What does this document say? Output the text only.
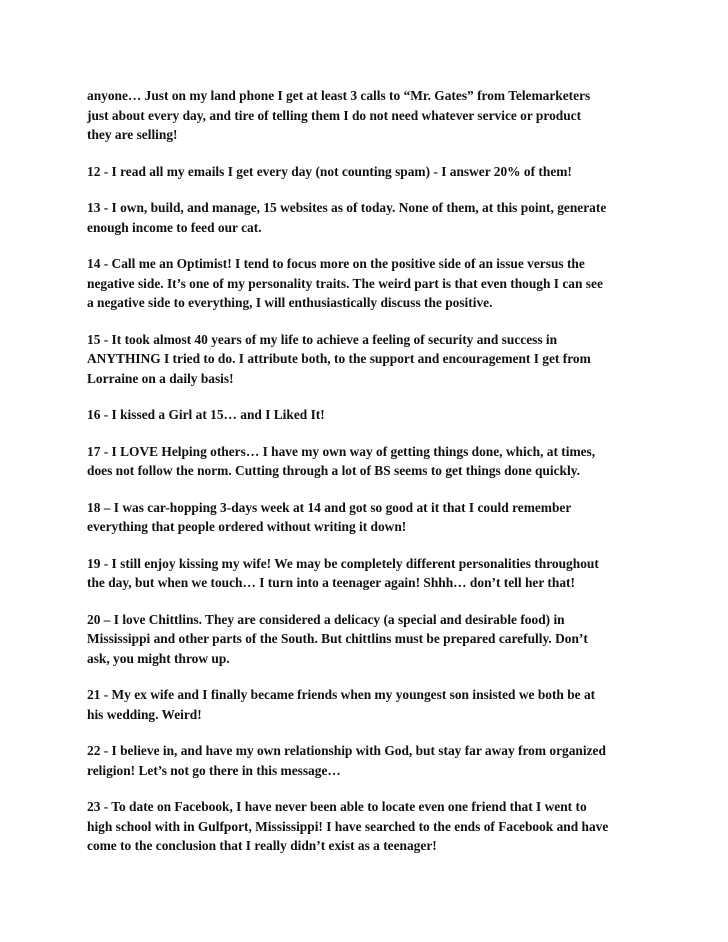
anyone… Just on my land phone I get at least 3 calls to “Mr. Gates” from Telemarketers
just about every day, and tire of telling them I do not need whatever service or product
they are selling!

12 - I read all my emails I get every day (not counting spam) - I answer 20% of them!

13 - I own, build, and manage, 15 websites as of today. None of them, at this point, generate
enough income to feed our cat.

14 - Call me an Optimist! I tend to focus more on the positive side of an issue versus the
negative side. It’s one of my personality traits. The weird part is that even though I can see
a negative side to everything, I will enthusiastically discuss the positive.

15 - It took almost 40 years of my life to achieve a feeling of security and success in
ANYTHING I tried to do. I attribute both, to the support and encouragement I get from
Lorraine on a daily basis!

16 - I kissed a Girl at 15… and I Liked It!

17 - I LOVE Helping others… I have my own way of getting things done, which, at times,
does not follow the norm. Cutting through a lot of BS seems to get things done quickly.

18 – I was car-hopping 3-days week at 14 and got so good at it that I could remember
everything that people ordered without writing it down!

19 - I still enjoy kissing my wife! We may be completely different personalities throughout
the day, but when we touch… I turn into a teenager again! Shhh… don’t tell her that!

20 – I love Chittlins. They are considered a delicacy (a special and desirable food) in
Mississippi and other parts of the South. But chittlins must be prepared carefully. Don’t
ask, you might throw up.

21 - My ex wife and I finally became friends when my youngest son insisted we both be at
his wedding. Weird!

22 - I believe in, and have my own relationship with God, but stay far away from organized
religion! Let’s not go there in this message…

23 - To date on Facebook, I have never been able to locate even one friend that I went to
high school with in Gulfport, Mississippi! I have searched to the ends of Facebook and have
come to the conclusion that I really didn’t exist as a teenager!
